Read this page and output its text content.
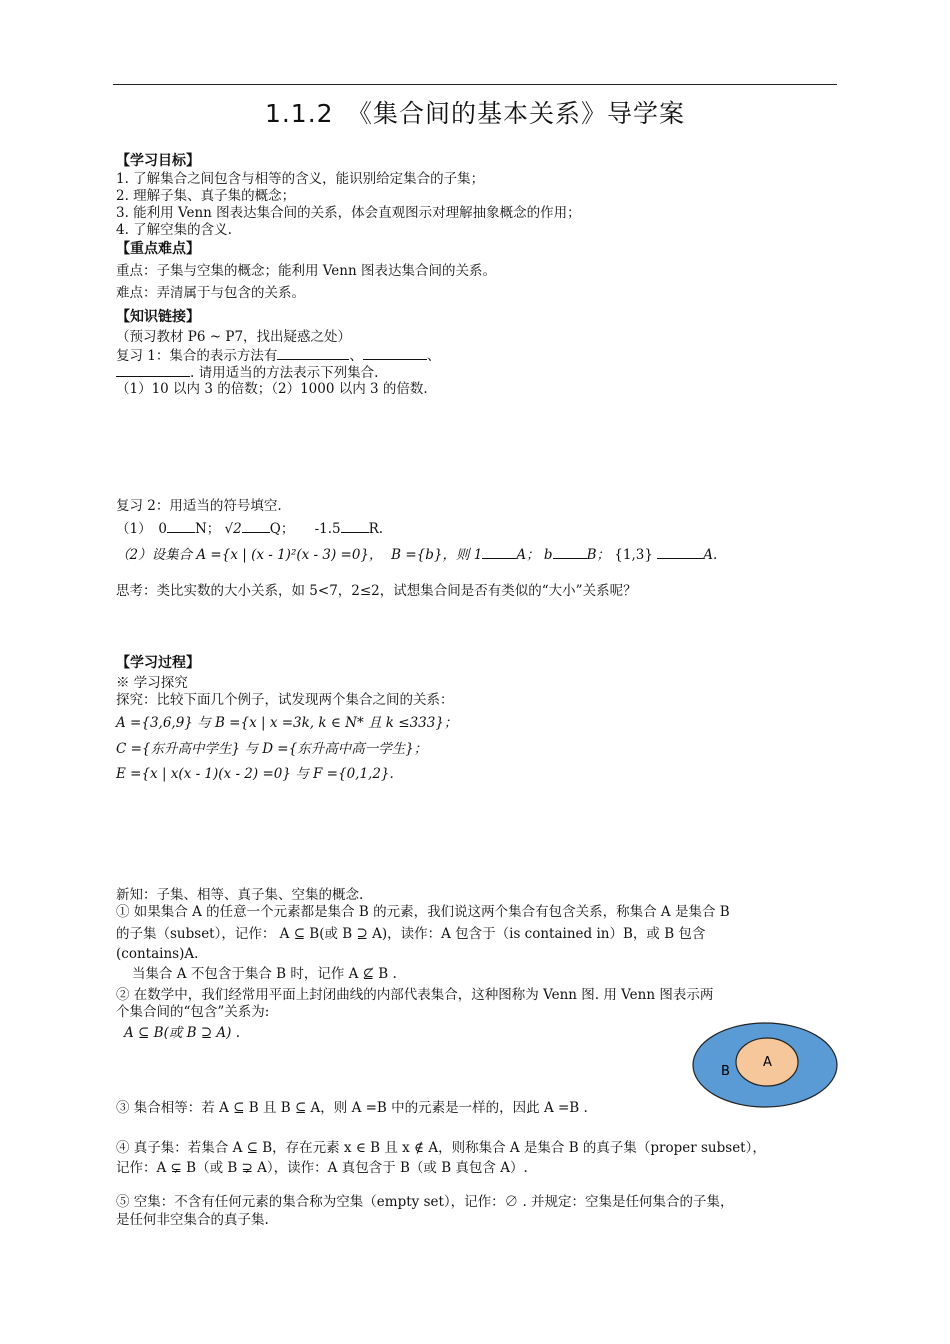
1.1.2　《集合间的基本关系》导学案
【学习目标】
1. 了解集合之间包含与相等的含义，能识别给定集合的子集；
2. 理解子集、真子集的概念；
3. 能利用 Venn 图表达集合间的关系，体会直观图示对理解抽象概念的作用；
4. 了解空集的含义.
【重点难点】
重点：子集与空集的概念；能利用 Venn 图表达集合间的关系。
难点：弄清属于与包含的关系。
【知识链接】
（预习教材 P6 ~ P7，找出疑惑之处）
复习 1：集合的表示方法有	、	、
. 请用适当的方法表示下列集合.
（1）10 以内 3 的倍数；（2）1000 以内 3 的倍数.
复习 2：用适当的符号填空.
（1）　0 N； √2 Q；　　-1.5 R.
（2）设集合 A ={x | (x - 1)²(x - 3) =0}， B ={b}，则 1	A； b	B； {1,3}	A.
思考：类比实数的大小关系，如 5<7，2≤2，试想集合间是否有类似的“大小”关系呢？
【学习过程】
※ 学习探究
探究：比较下面几个例子，试发现两个集合之间的关系：
A ={3,6,9} 与 B ={x | x =3k, k ∈ N* 且 k ≤333}；
C ={东升高中学生} 与 D ={东升高中高一学生}；
E ={x | x(x - 1)(x - 2) =0} 与 F ={0,1,2}.
新知：子集、相等、真子集、空集的概念.
① 如果集合 A 的任意一个元素都是集合 B 的元素，我们说这两个集合有包含关系，称集合 A 是集合 B
的子集（subset），记作： A ⊆ B(或 B ⊇ A)，读作：A 包含于（is contained in）B，或 B 包含
(contains)A.
当集合 A 不包含于集合 B 时，记作 A ⊈ B .
② 在数学中，我们经常用平面上封闭曲线的内部代表集合，这种图称为 Venn 图. 用 Venn 图表示两
个集合间的“包含”关系为:
A ⊆ B(或 B ⊇ A) .
B
A
③ 集合相等：若 A ⊆ B 且 B ⊆ A，则 A =B 中的元素是一样的，因此 A =B .
④ 真子集：若集合 A ⊆ B，存在元素 x ∈ B 且 x ∉ A，则称集合 A 是集合 B 的真子集（proper subset），
记作：A ⊊ B（或 B ⊋ A），读作：A 真包含于 B（或 B 真包含 A）.
⑤ 空集：不含有任何元素的集合称为空集（empty set），记作：∅ . 并规定：空集是任何集合的子集，
是任何非空集合的真子集.
